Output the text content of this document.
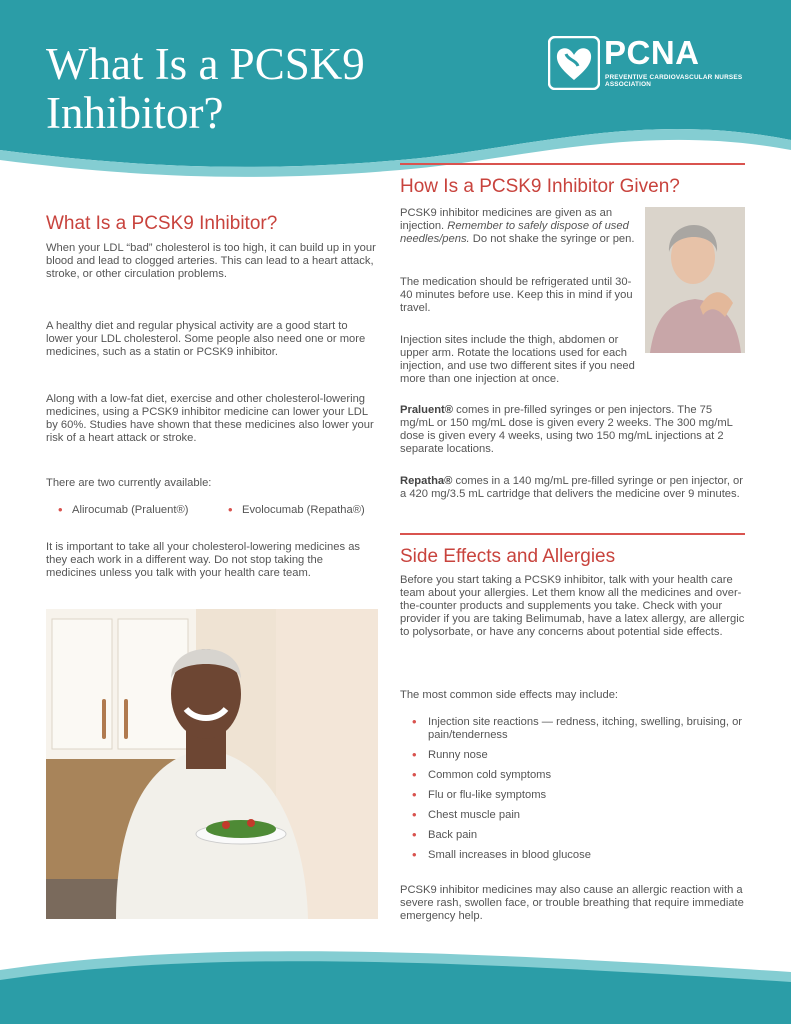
What Is a PCSK9 Inhibitor?
PCNA
PREVENTIVE CARDIOVASCULAR NURSES ASSOCIATION
What Is a PCSK9 Inhibitor?

When your LDL “bad” cholesterol is too high, it can build up in your blood and lead to clogged arteries. This can lead to a heart attack, stroke, or other circulation problems.

A healthy diet and regular physical activity are a good start to lower your LDL cholesterol. Some people also need one or more medicines, such as a statin or PCSK9 inhibitor.

Along with a low-fat diet, exercise and other cholesterol-lowering medicines, using a PCSK9 inhibitor medicine can lower your LDL by 60%. Studies have shown that these medicines also lower your risk of a heart attack or stroke.

There are two currently available:

• Alirocumab (Praluent®)	• Evolocumab (Repatha®)

It is important to take all your cholesterol-lowering medicines as they each work in a different way. Do not stop taking the medicines unless you talk with your health care team.

How Is a PCSK9 Inhibitor Given?

PCSK9 inhibitor medicines are given as an injection. Remember to safely dispose of used needles/pens. Do not shake the syringe or pen.

The medication should be refrigerated until 30-40 minutes before use. Keep this in mind if you travel.

Injection sites include the thigh, abdomen or upper arm. Rotate the locations used for each injection, and use two different sites if you need more than one injection at once.

Praluent® comes in pre-filled syringes or pen injectors. The 75 mg/mL or 150 mg/mL dose is given every 2 weeks. The 300 mg/mL dose is given every 4 weeks, using two 150 mg/mL injections at 2 separate locations.

Repatha® comes in a 140 mg/mL pre-filled syringe or pen injector, or a 420 mg/3.5 mL cartridge that delivers the medicine over 9 minutes.

Side Effects and Allergies

Before you start taking a PCSK9 inhibitor, talk with your health care team about your allergies. Let them know all the medicines and over-the-counter products and supplements you take. Check with your provider if you are taking Belimumab, have a latex allergy, are allergic to polysorbate, or have any concerns about potential side effects.

The most common side effects may include:

• Injection site reactions — redness, itching, swelling, bruising, or pain/tenderness
• Runny nose
• Common cold symptoms
• Flu or flu-like symptoms
• Chest muscle pain
• Back pain
• Small increases in blood glucose

PCSK9 inhibitor medicines may also cause an allergic reaction with a severe rash, swollen face, or trouble breathing that require immediate emergency help.
